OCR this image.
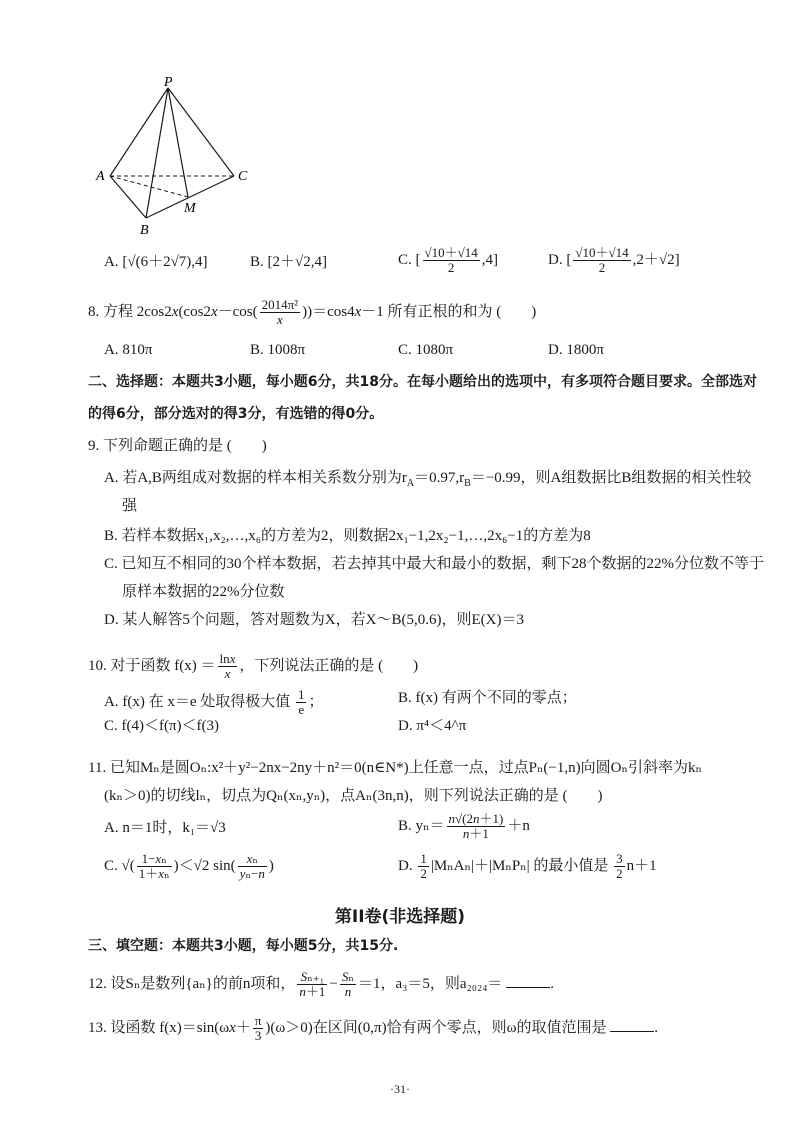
P
A	C
B
M
A. [√(6＋2√7),4]	B. [2＋√2,4]	C. [ $\frac{√10+√14}{2} ,4$]	D. [ $\frac{√10+√14}{2} ,2+√2$]
8. 方程 $2\cos 2x(\cos 2x-\cos( \frac{\text{2014π²}}{x} ))=\cos 4x-1$ 所有正根的和为 (　　)
A. 810π	B. 1008π	C. 1080π	D. 1800π
二、选择题：本题共3小题，每小题6分，共18分。在每小题给出的选项中，有多项符合题目要求。全部选对
的得6分，部分选对的得3分，有选错的得0分。
9. 下列命题正确的是 (　　)
A. 若A,B两组成对数据的样本相关系数分别为$r_A=0.97,r_B=-0.99$，则A组数据比B组数据的相关性较
强
B. 若样本数据x₁,x₂,…,x₆的方差为2，则数据2x₁−1,2x₂−1,…,2x₆−1的方差为8
C. 已知互不相同的30个样本数据，若去掉其中最大和最小的数据，剩下28个数据的22%分位数不等于
原样本数据的22%分位数
D. 某人解答5个问题，答对题数为X，若X～B(5,0.6)，则E(X)＝3
10. 对于函数 $f(x) = \frac{\ln x}{x}$ ，下列说法正确的是 (　　)
A. f(x) 在 x＝e 处取得极大值 $\frac{1}{e}$ ；	B. f(x) 有两个不同的零点；
C. f(4)＜f(π)＜f(3)	D. π⁴＜4^π
11. 已知Mₙ是圆Oₙ:x²＋y²−2nx−2ny＋n²＝0(n∈N*)上任意一点，过点Pₙ(−1,n)向圆Oₙ引斜率为kₙ
(kₙ＞0)的切线lₙ，切点为Qₙ(xₙ,yₙ)，点Aₙ(3n,n)，则下列说法正确的是 (　　)
A. n＝1时，k₁＝√3	B. $y_n= \frac{n√(2n+1)}{n+1} +n$
C. √( $\frac{\text{1−xₙ}}{\text{1＋xₙ}} )<√2$ $\sin( \frac{\text{xₙ}}{\text{yₙ−n}}$ )	D. $\frac{1}{2} |M_nA_n|+|M_nP_n|$ 的最小值是 $\frac{3}{2} n+1$
第II卷(非选择题)
三、填空题：本题共3小题，每小题5分，共15分.
12. 设Sₙ是数列{aₙ}的前n项和， $\frac{\text{Sₙ₊₁}}{n+1} - \frac{\text{Sₙ}}{n} =1$，a₃＝5，则a₂₀₂₄＝	.
13. 设函数 $f(x)=\sin(\omega x+ \frac{\pi}{3} )(\omega>0)$在区间(0,π)恰有两个零点，则ω的取值范围是	.
·31·
